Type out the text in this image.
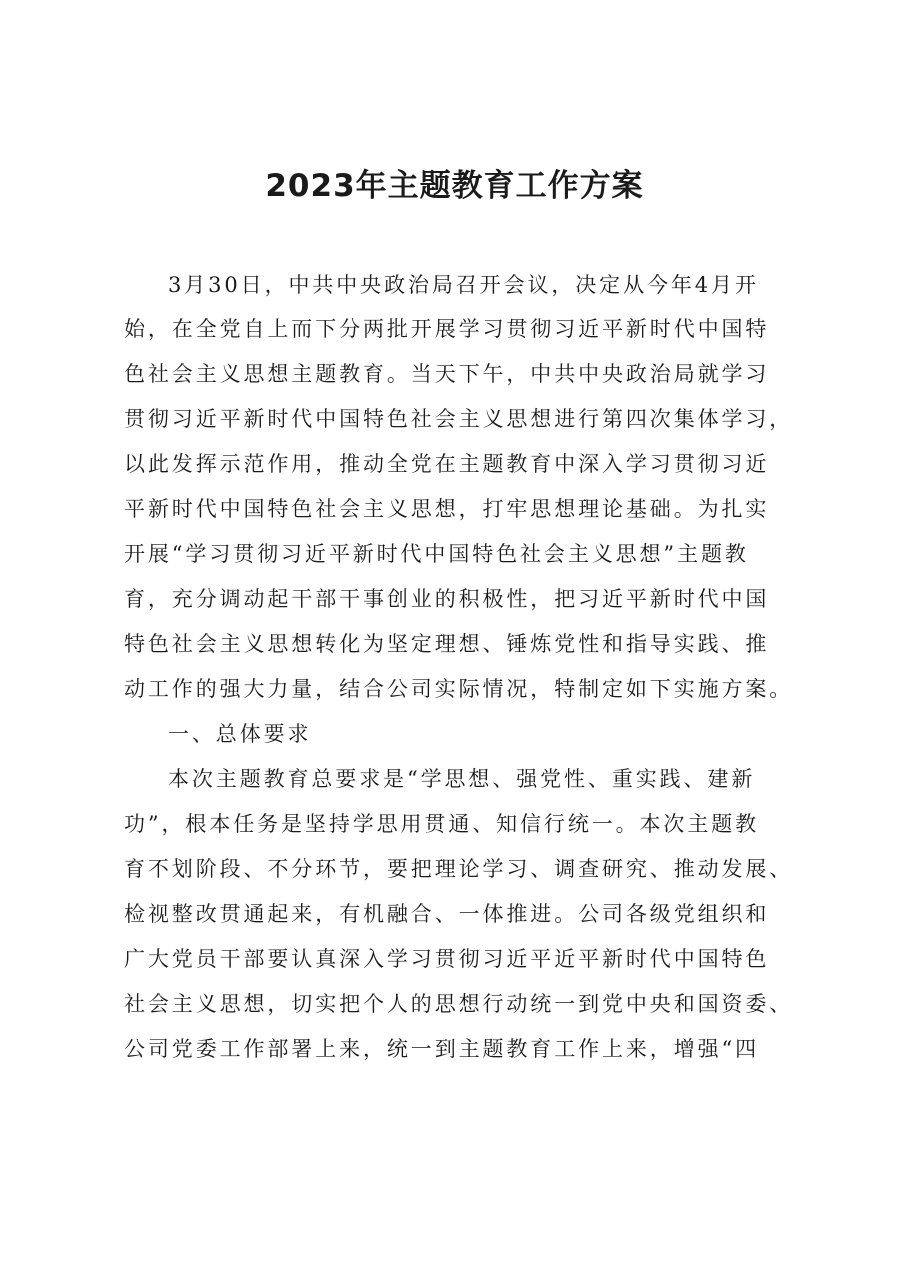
2023年主题教育工作方案
3月30日，中共中央政治局召开会议，决定从今年4月开
始，在全党自上而下分两批开展学习贯彻习近平新时代中国特
色社会主义思想主题教育。当天下午，中共中央政治局就学习
贯彻习近平新时代中国特色社会主义思想进行第四次集体学习，
以此发挥示范作用，推动全党在主题教育中深入学习贯彻习近
平新时代中国特色社会主义思想，打牢思想理论基础。为扎实
开展“学习贯彻习近平新时代中国特色社会主义思想”主题教
育，充分调动起干部干事创业的积极性，把习近平新时代中国
特色社会主义思想转化为坚定理想、锤炼党性和指导实践、推
动工作的强大力量，结合公司实际情况，特制定如下实施方案。
一、总体要求
本次主题教育总要求是“学思想、强党性、重实践、建新
功”，根本任务是坚持学思用贯通、知信行统一。本次主题教
育不划阶段、不分环节，要把理论学习、调查研究、推动发展、
检视整改贯通起来，有机融合、一体推进。公司各级党组织和
广大党员干部要认真深入学习贯彻习近平近平新时代中国特色
社会主义思想，切实把个人的思想行动统一到党中央和国资委、
公司党委工作部署上来，统一到主题教育工作上来，增强“四
